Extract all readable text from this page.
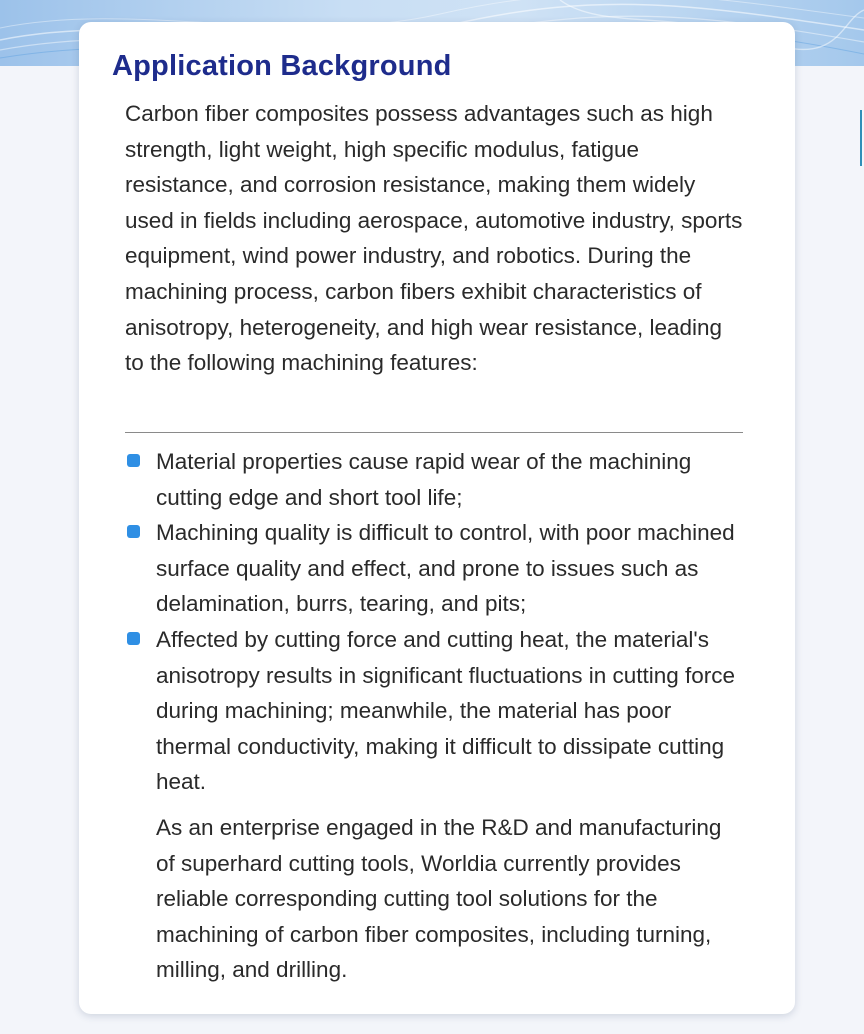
Application Background

Carbon fiber composites possess advantages such as high strength, light weight, high specific modulus, fatigue resistance, and corrosion resistance, making them widely used in fields including aerospace, automotive industry, sports equipment, wind power industry, and robotics. During the machining process, carbon fibers exhibit characteristics of anisotropy, heterogeneity, and high wear resistance, leading to the following machining features:

Material properties cause rapid wear of the machining cutting edge and short tool life;
Machining quality is difficult to control, with poor machined surface quality and effect, and prone to issues such as delamination, burrs, tearing, and pits;
Affected by cutting force and cutting heat, the material's anisotropy results in significant fluctuations in cutting force during machining; meanwhile, the material has poor thermal conductivity, making it difficult to dissipate cutting heat.

As an enterprise engaged in the R&D and manufacturing of superhard cutting tools, Worldia currently provides reliable corresponding cutting tool solutions for the machining of carbon fiber composites, including turning, milling, and drilling.
